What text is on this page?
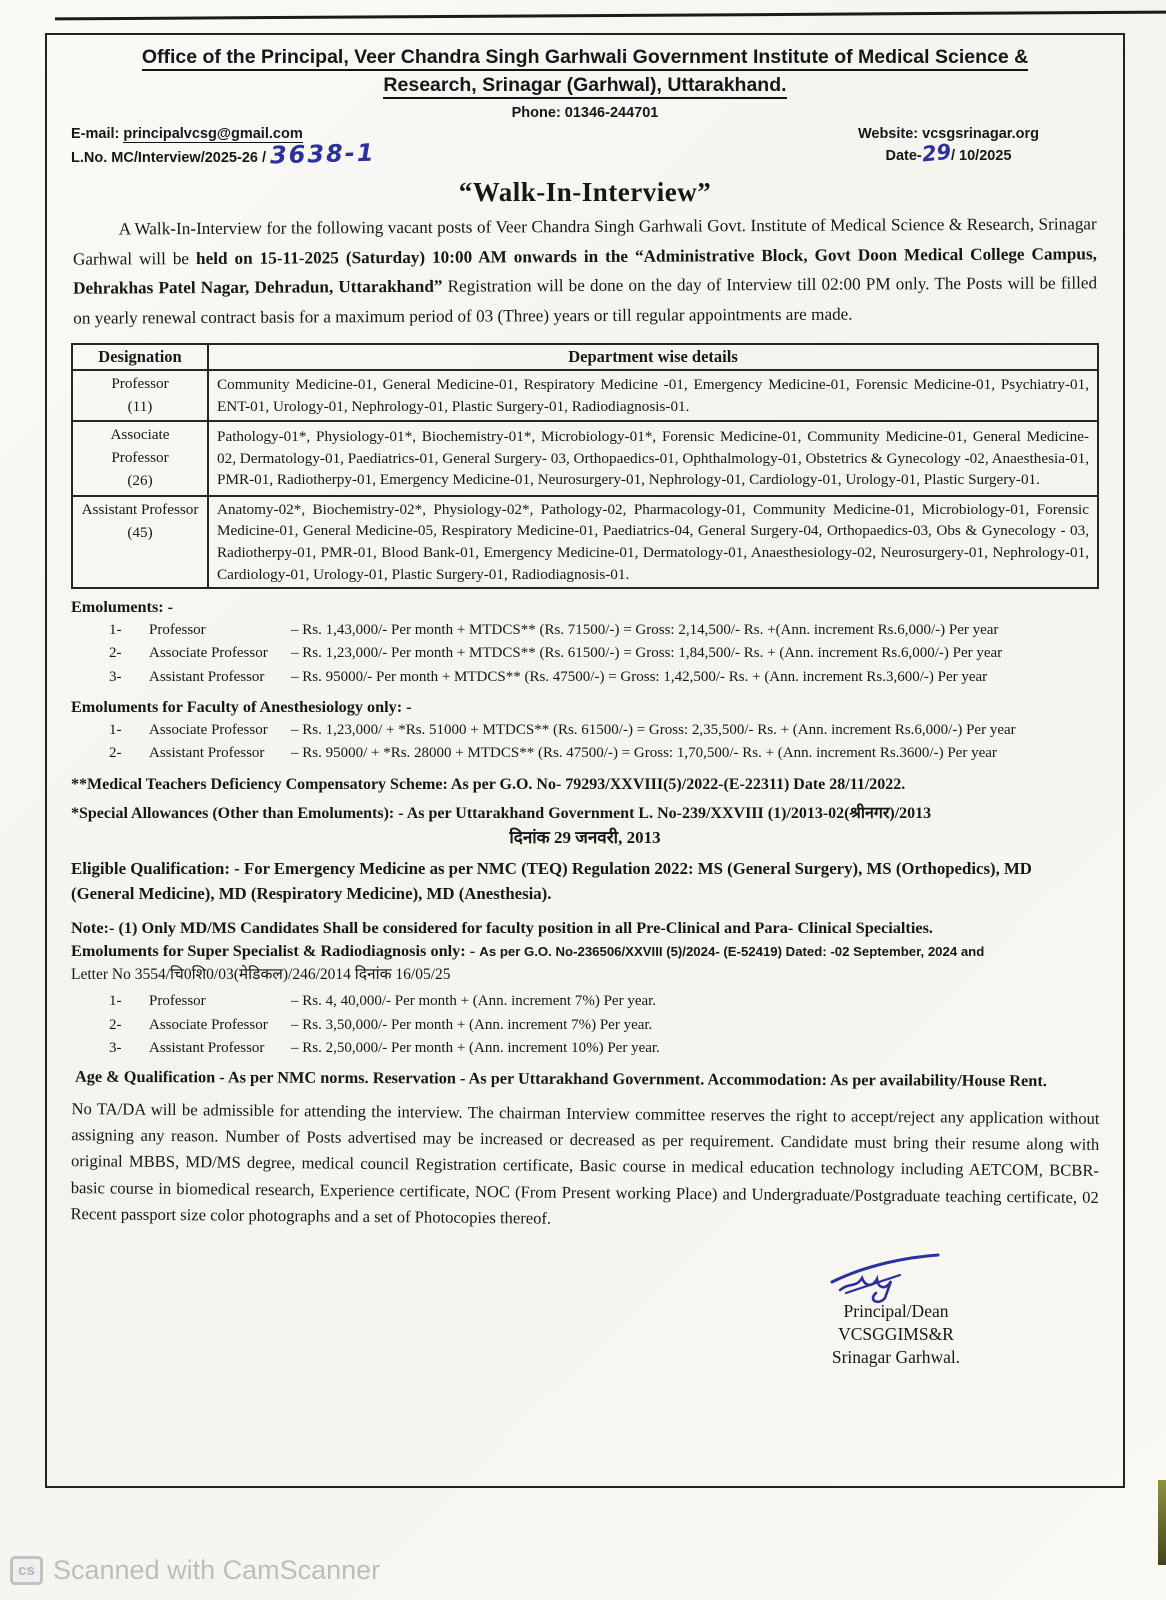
Office of the Principal, Veer Chandra Singh Garhwali Government Institute of Medical Science &
Research, Srinagar (Garhwal), Uttarakhand.
Phone: 01346-244701
E-mail: principalvcsg@gmail.com
L.No. MC/Interview/2025-26 / 3638-1
Website: vcsgsrinagar.org
Date-29/ 10/2025
“Walk-In-Interview”

A Walk-In-Interview for the following vacant posts of Veer Chandra Singh Garhwali Govt. Institute of Medical Science & Research, Srinagar Garhwal will be held on 15-11-2025 (Saturday) 10:00 AM onwards in the “Administrative Block, Govt Doon Medical College Campus, Dehrakhas Patel Nagar, Dehradun, Uttarakhand” Registration will be done on the day of Interview till 02:00 PM only. The Posts will be filled on yearly renewal contract basis for a maximum period of 03 (Three) years or till regular appointments are made.

Designation	Department wise details
Professor
(11)	Community Medicine-01, General Medicine-01, Respiratory Medicine -01, Emergency Medicine-01, Forensic Medicine-01, Psychiatry-01, ENT-01, Urology-01, Nephrology-01, Plastic Surgery-01, Radiodiagnosis-01.
Associate Professor
(26)	Pathology-01*, Physiology-01*, Biochemistry-01*, Microbiology-01*, Forensic Medicine-01, Community Medicine-01, General Medicine-02, Dermatology-01, Paediatrics-01, General Surgery- 03, Orthopaedics-01, Ophthalmology-01, Obstetrics & Gynecology -02, Anaesthesia-01, PMR-01, Radiotherpy-01, Emergency Medicine-01, Neurosurgery-01, Nephrology-01, Cardiology-01, Urology-01, Plastic Surgery-01.
Assistant Professor
(45)	Anatomy-02*, Biochemistry-02*, Physiology-02*, Pathology-02, Pharmacology-01, Community Medicine-01, Microbiology-01, Forensic Medicine-01, General Medicine-05, Respiratory Medicine-01, Paediatrics-04, General Surgery-04, Orthopaedics-03, Obs & Gynecology - 03, Radiotherpy-01, PMR-01, Blood Bank-01, Emergency Medicine-01, Dermatology-01, Anaesthesiology-02, Neurosurgery-01, Nephrology-01, Cardiology-01, Urology-01, Plastic Surgery-01, Radiodiagnosis-01.
Emoluments: -
1-	Professor	– Rs. 1,43,000/- Per month + MTDCS** (Rs. 71500/-) = Gross: 2,14,500/- Rs. +(Ann. increment Rs.6,000/-) Per year
2-	Associate Professor	– Rs. 1,23,000/- Per month + MTDCS** (Rs. 61500/-) = Gross: 1,84,500/- Rs. + (Ann. increment Rs.6,000/-) Per year
3-	Assistant Professor	– Rs. 95000/- Per month + MTDCS** (Rs. 47500/-) = Gross: 1,42,500/- Rs. + (Ann. increment Rs.3,600/-) Per year
Emoluments for Faculty of Anesthesiology only: -
1-	Associate Professor	– Rs. 1,23,000/ + *Rs. 51000 + MTDCS** (Rs. 61500/-) = Gross: 2,35,500/- Rs. + (Ann. increment Rs.6,000/-) Per year
2-	Assistant Professor	– Rs. 95000/ + *Rs. 28000 + MTDCS** (Rs. 47500/-) = Gross: 1,70,500/- Rs. + (Ann. increment Rs.3600/-) Per year
**Medical Teachers Deficiency Compensatory Scheme: As per G.O. No- 79293/XXVIII(5)/2022-(E-22311) Date 28/11/2022.
*Special Allowances (Other than Emoluments): - As per Uttarakhand Government L. No-239/XXVIII (1)/2013-02(श्रीनगर)/2013
दिनांक 29 जनवरी, 2013
Eligible Qualification: - For Emergency Medicine as per NMC (TEQ) Regulation 2022: MS (General Surgery), MS (Orthopedics), MD (General Medicine), MD (Respiratory Medicine), MD (Anesthesia).
Note:- (1) Only MD/MS Candidates Shall be considered for faculty position in all Pre-Clinical and Para- Clinical Specialties.
Emoluments for Super Specialist & Radiodiagnosis only: - As per G.O. No-236506/XXVIII (5)/2024- (E-52419) Dated: -02 September, 2024 and
Letter No 3554/चि0शि0/03(मेडिकल)/246/2014 दिनांक 16/05/25
1-	Professor	– Rs. 4, 40,000/- Per month + (Ann. increment 7%) Per year.
2-	Associate Professor	– Rs. 3,50,000/- Per month + (Ann. increment 7%) Per year.
3-	Assistant Professor	– Rs. 2,50,000/- Per month + (Ann. increment 10%) Per year.
Age & Qualification - As per NMC norms. Reservation - As per Uttarakhand Government. Accommodation: As per availability/House Rent.

No TA/DA will be admissible for attending the interview. The chairman Interview committee reserves the right to accept/reject any application without assigning any reason. Number of Posts advertised may be increased or decreased as per requirement. Candidate must bring their resume along with original MBBS, MD/MS degree, medical council Registration certificate, Basic course in medical education technology including AETCOM, BCBR-basic course in biomedical research, Experience certificate, NOC (From Present working Place) and Undergraduate/Postgraduate teaching certificate, 02 Recent passport size color photographs and a set of Photocopies thereof.

Principal/Dean
VCSGGIMS&R
Srinagar Garhwal.
cs Scanned with CamScanner
